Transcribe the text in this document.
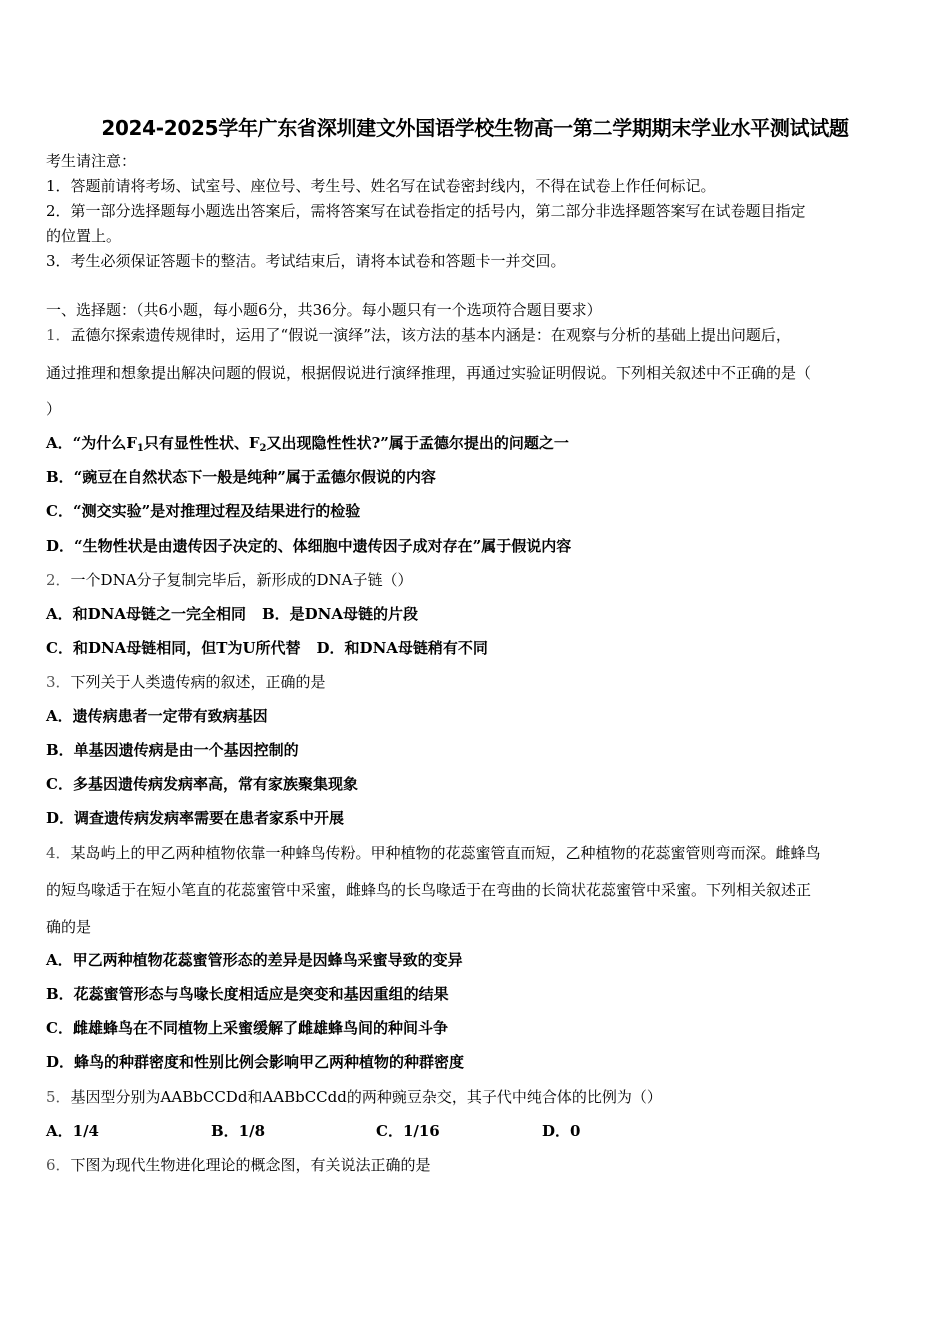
2024-2025学年广东省深圳建文外国语学校生物高一第二学期期末学业水平测试试题
考生请注意：
1．答题前请将考场、试室号、座位号、考生号、姓名写在试卷密封线内，不得在试卷上作任何标记。
2．第一部分选择题每小题选出答案后，需将答案写在试卷指定的括号内，第二部分非选择题答案写在试卷题目指定
的位置上。
3．考生必须保证答题卡的整洁。考试结束后，请将本试卷和答题卡一并交回。
一、选择题：（共6小题，每小题6分，共36分。每小题只有一个选项符合题目要求）
1．孟德尔探索遗传规律时，运用了“假说一演绎”法，该方法的基本内涵是：在观察与分析的基础上提出问题后，
通过推理和想象提出解决问题的假说，根据假说进行演绎推理，再通过实验证明假说。下列相关叙述中不正确的是（
）
A．“为什么$F_1$只有显性性状、$F_2$又出现隐性性状?”属于孟德尔提出的问题之一
B．“豌豆在自然状态下一般是纯种”属于孟德尔假说的内容
C．“测交实验”是对推理过程及结果进行的检验
D．“生物性状是由遗传因子决定的、体细胞中遗传因子成对存在”属于假说内容
2．一个DNA分子复制完毕后，新形成的DNA子链（）
A．和DNA母链之一完全相同 B．是DNA母链的片段
C．和DNA母链相同，但T为U所代替 D．和DNA母链稍有不同
3．下列关于人类遗传病的叙述，正确的是
A．遗传病患者一定带有致病基因
B．单基因遗传病是由一个基因控制的
C．多基因遗传病发病率高，常有家族聚集现象
D．调查遗传病发病率需要在患者家系中开展
4．某岛屿上的甲乙两种植物依靠一种蜂鸟传粉。甲种植物的花蕊蜜管直而短，乙种植物的花蕊蜜管则弯而深。雌蜂鸟
的短鸟喙适于在短小笔直的花蕊蜜管中采蜜，雌蜂鸟的长鸟喙适于在弯曲的长筒状花蕊蜜管中采蜜。下列相关叙述正
确的是
A．甲乙两种植物花蕊蜜管形态的差异是因蜂鸟采蜜导致的变异
B．花蕊蜜管形态与鸟喙长度相适应是突变和基因重组的结果
C．雌雄蜂鸟在不同植物上采蜜缓解了雌雄蜂鸟间的种间斗争
D．蜂鸟的种群密度和性别比例会影响甲乙两种植物的种群密度
5．基因型分别为AABbCCDd和AABbCCdd的两种豌豆杂交，其子代中纯合体的比例为（）
A．1/4	B．1/8	C．1/16	D．0
6．下图为现代生物进化理论的概念图，有关说法正确的是
